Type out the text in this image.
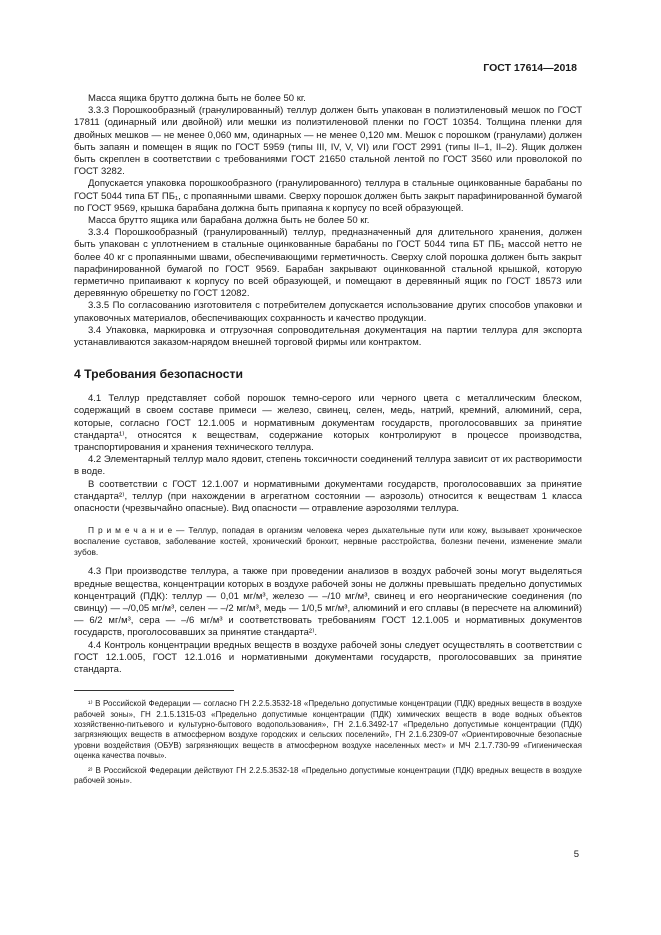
ГОСТ 17614—2018

Масса ящика брутто должна быть не более 50 кг.

3.3.3 Порошкообразный (гранулированный) теллур должен быть упакован в полиэтиленовый мешок по ГОСТ 17811 (одинарный или двойной) или мешки из полиэтиленовой пленки по ГОСТ 10354. Толщина пленки для двойных мешков — не менее 0,060 мм, одинарных — не менее 0,120 мм. Мешок с порошком (гранулами) должен быть запаян и помещен в ящик по ГОСТ 5959 (типы III, IV, V, VI) или ГОСТ 2991 (типы II–1, II–2). Ящик должен быть скреплен в соответствии с требованиями ГОСТ 21650 стальной лентой по ГОСТ 3560 или проволокой по ГОСТ 3282.

Допускается упаковка порошкообразного (гранулированного) теллура в стальные оцинкованные барабаны по ГОСТ 5044 типа БТ ПБ₁, с пропаянными швами. Сверху порошок должен быть закрыт парафинированной бумагой по ГОСТ 9569, крышка барабана должна быть припаяна к корпусу по всей образующей.

Масса брутто ящика или барабана должна быть не более 50 кг.

3.3.4 Порошкообразный (гранулированный) теллур, предназначенный для длительного хранения, должен быть упакован с уплотнением в стальные оцинкованные барабаны по ГОСТ 5044 типа БТ ПБ₁ массой нетто не более 40 кг с пропаянными швами, обеспечивающими герметичность. Сверху слой порошка должен быть закрыт парафинированной бумагой по ГОСТ 9569. Барабан закрывают оцинкованной стальной крышкой, которую герметично припаивают к корпусу по всей образующей, и помещают в деревянный ящик по ГОСТ 18573 или деревянную обрешетку по ГОСТ 12082.

3.3.5 По согласованию изготовителя с потребителем допускается использование других способов упаковки и упаковочных материалов, обеспечивающих сохранность и качество продукции.

3.4 Упаковка, маркировка и отгрузочная сопроводительная документация на партии теллура для экспорта устанавливаются заказом-нарядом внешней торговой фирмы или контрактом.

4 Требования безопасности

4.1 Теллур представляет собой порошок темно-серого или черного цвета с металлическим блеском, содержащий в своем составе примеси — железо, свинец, селен, медь, натрий, кремний, алюминий, сера, которые, согласно ГОСТ 12.1.005 и нормативным документам государств, проголосовавших за принятие стандарта¹⁾, относятся к веществам, содержание которых контролируют в процессе производства, транспортирования и хранения технического теллура.

4.2 Элементарный теллур мало ядовит, степень токсичности соединений теллура зависит от их растворимости в воде.

В соответствии с ГОСТ 12.1.007 и нормативными документами государств, проголосовавших за принятие стандарта²⁾, теллур (при нахождении в агрегатном состоянии — аэрозоль) относится к веществам 1 класса опасности (чрезвычайно опасные). Вид опасности — отравление аэрозолями теллура.

П р и м е ч а н и е — Теллур, попадая в организм человека через дыхательные пути или кожу, вызывает хроническое воспаление суставов, заболевание костей, хронический бронхит, нервные расстройства, болезни печени, изменение эмали зубов.

4.3 При производстве теллура, а также при проведении анализов в воздух рабочей зоны могут выделяться вредные вещества, концентрации которых в воздухе рабочей зоны не должны превышать предельно допустимых концентраций (ПДК): теллур — 0,01 мг/м³, железо — –/10 мг/м³, свинец и его неорганические соединения (по свинцу) — –/0,05 мг/м³, селен — –/2 мг/м³, медь — 1/0,5 мг/м³, алюминий и его сплавы (в пересчете на алюминий) — 6/2 мг/м³, сера — –/6 мг/м³ и соответствовать требованиям ГОСТ 12.1.005 и нормативных документов государств, проголосовавших за принятие стандарта²⁾.

4.4 Контроль концентрации вредных веществ в воздухе рабочей зоны следует осуществлять в соответствии с ГОСТ 12.1.005, ГОСТ 12.1.016 и нормативными документами государств, проголосовавших за принятие стандарта.

¹⁾ В Российской Федерации — согласно ГН 2.2.5.3532-18 «Предельно допустимые концентрации (ПДК) вредных веществ в воздухе рабочей зоны», ГН 2.1.5.1315-03 «Предельно допустимые концентрации (ПДК) химических веществ в воде водных объектов хозяйственно-питьевого и культурно-бытового водопользования», ГН 2.1.6.3492-17 «Предельно допустимые концентрации (ПДК) загрязняющих веществ в атмосферном воздухе городских и сельских поселений», ГН 2.1.6.2309-07 «Ориентировочные безопасные уровни воздействия (ОБУВ) загрязняющих веществ в атмосферном воздухе населенных мест» и МЧ 2.1.7.730-99 «Гигиеническая оценка качества почвы».

²⁾ В Российской Федерации действуют ГН 2.2.5.3532-18 «Предельно допустимые концентрации (ПДК) вредных веществ в воздухе рабочей зоны».

5
